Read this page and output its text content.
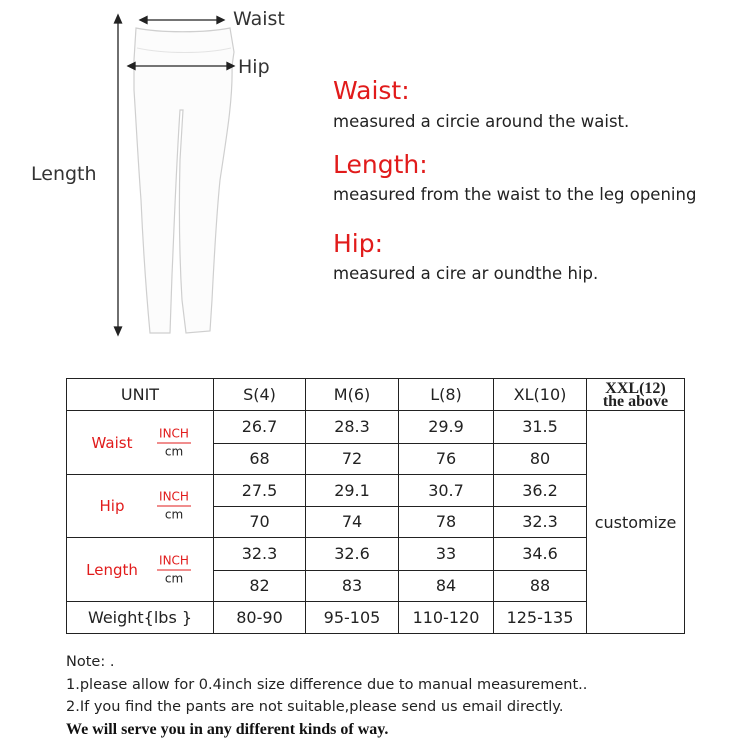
Waist
Hip
Length
Waist:
measured a circie around the waist.
Length:
measured from the waist to the leg opening
Hip:
measured a cire ar oundthe hip.
UNIT	S(4)	M(6)	L(8)	XL(10)	XXL(12)
the above

Waist
INCH
cm	26.7	28.3	29.9	31.5	customize
	68	72	76	80	

Hip
INCH
cm	27.5	29.1	30.7	36.2	
	70	74	78	32.3	

Length
INCH
cm	32.3	32.6	33	34.6	
	82	83	84	88	
Weight{lbs }	80-90	95-105	110-120	125-135	
Note: .
1.please allow for 0.4inch size difference due to manual measurement..
2.If you find the pants are not suitable,please send us email directly.
We will serve you in any different kinds of way.
